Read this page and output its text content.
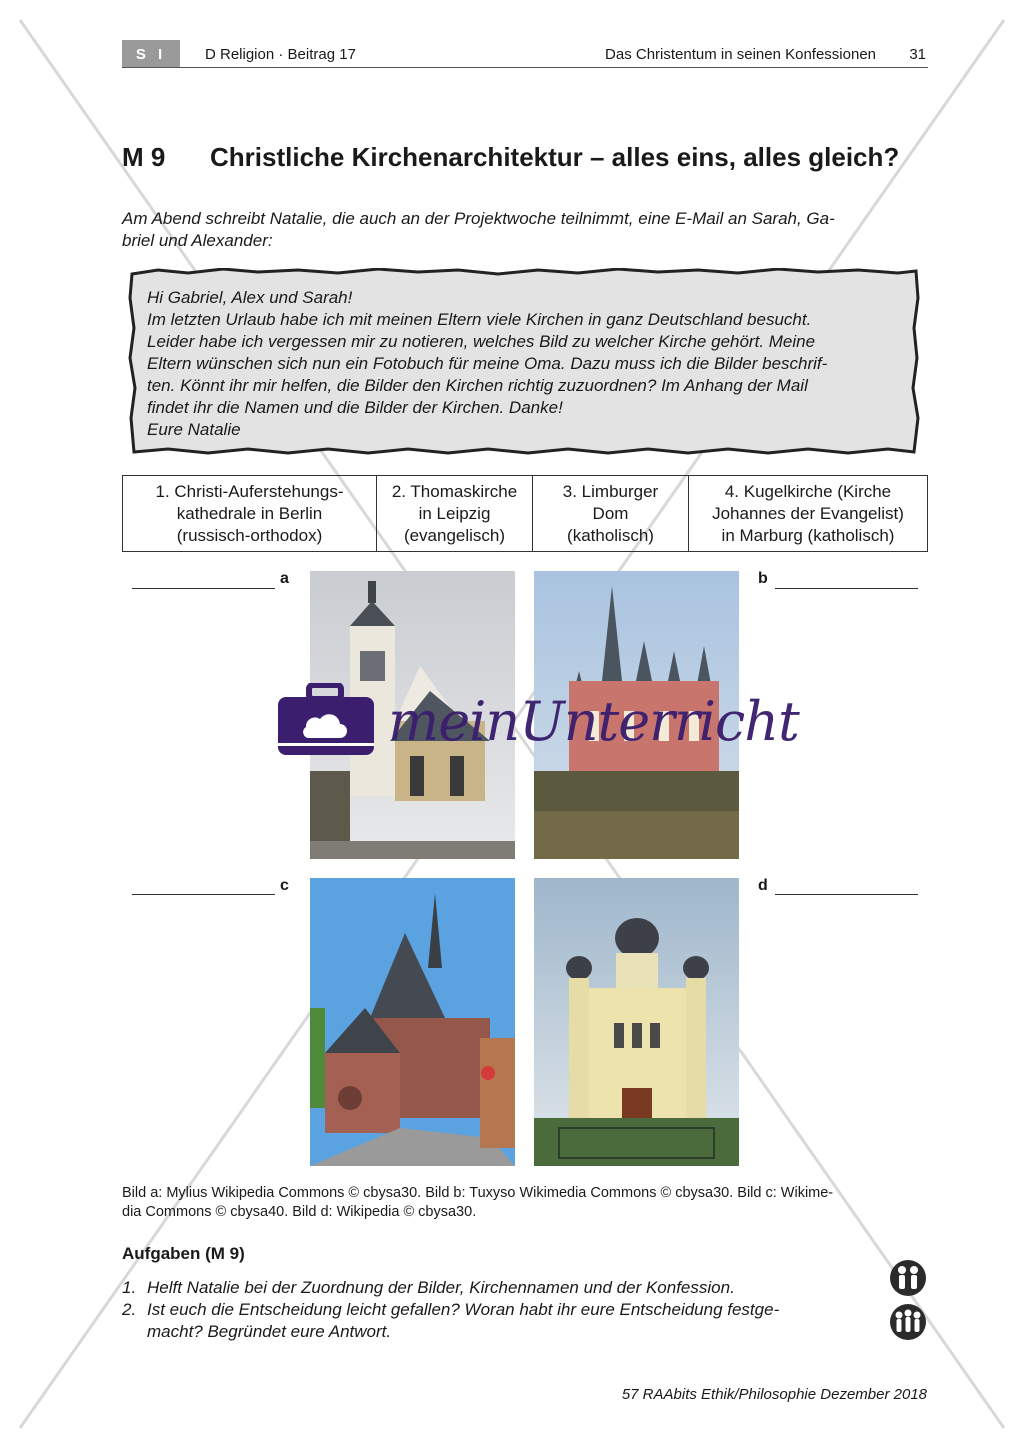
S I	D Religion · Beitrag 17	Das Christentum in seinen Konfessionen 31
M 9 Christliche Kirchenarchitektur – alles eins, alles gleich?
Am Abend schreibt Natalie, die auch an der Projektwoche teilnimmt, eine E-Mail an Sarah, Ga-
briel und Alexander:
Hi Gabriel, Alex und Sarah!
Im letzten Urlaub habe ich mit meinen Eltern viele Kirchen in ganz Deutschland besucht.
Leider habe ich vergessen mir zu notieren, welches Bild zu welcher Kirche gehört. Meine
Eltern wünschen sich nun ein Fotobuch für meine Oma. Dazu muss ich die Bilder beschrif-
ten. Könnt ihr mir helfen, die Bilder den Kirchen richtig zuzuordnen? Im Anhang der Mail
findet ihr die Namen und die Bilder der Kirchen. Danke!
Eure Natalie
1. Christi-Auferstehungs-
kathedrale in Berlin
(russisch-orthodox)

2. Thomaskirche
in Leipzig
(evangelisch)

3. Limburger
Dom
(katholisch)

4. Kugelkirche (Kirche
Johannes der Evangelist)
in Marburg (katholisch)
a	b
c	d
meinUnterricht
Bild a: Mylius Wikipedia Commons © cbysa30. Bild b: Tuxyso Wikimedia Commons © cbysa30. Bild c: Wikime-
dia Commons © cbysa40. Bild d: Wikipedia © cbysa30.
Aufgaben (M 9)
1. Helft Natalie bei der Zuordnung der Bilder, Kirchennamen und der Konfession.
2. Ist euch die Entscheidung leicht gefallen? Woran habt ihr eure Entscheidung festge-
macht? Begründet eure Antwort.
57 RAAbits Ethik/Philosophie Dezember 2018
